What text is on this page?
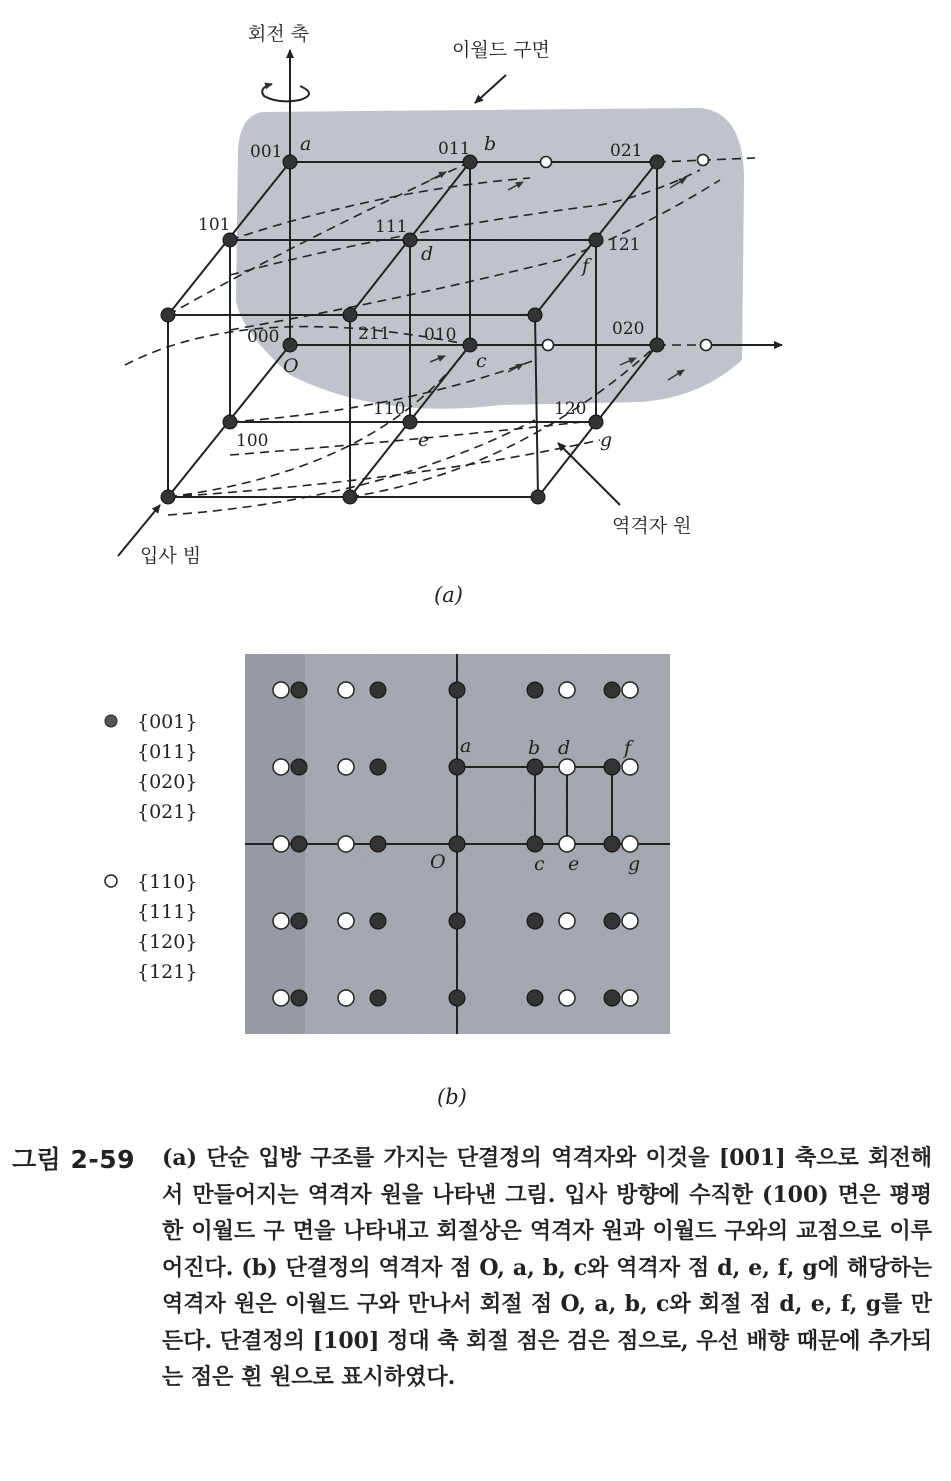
회전 축
이월드 구면
역격자 원
입사 빔
001	011	021
101	111
121
000	211 010	020
110	120
100
a	b
c
d
e
f
g
O
(a)
a	b d	f
O	c e	g
{001}
{011}
{020}
{021}
{110}
{111}
{120}
{121}
(b)
그림 2-59 (a) 단순 입방 구조를 가지는 단결정의 역격자와 이것을 [001] 축으로 회전해서 만들어지는 역격자 원을 나타낸 그림. 입사 방향에 수직한 (100) 면은 평평한 이월드 구 면을 나타내고 회절상은 역격자 원과 이월드 구와의 교점으로 이루어진다. (b) 단결정의 역격자 점 O, a, b, c와 역격자 점 d, e, f, g에 해당하는 역격자 원은 이월드 구와 만나서 회절 점 O, a, b, c와 회절 점 d, e, f, g를 만든다. 단결정의 [100] 정대 축 회절 점은 검은 점으로, 우선 배향 때문에 추가되는 점은 흰 원으로 표시하였다.
